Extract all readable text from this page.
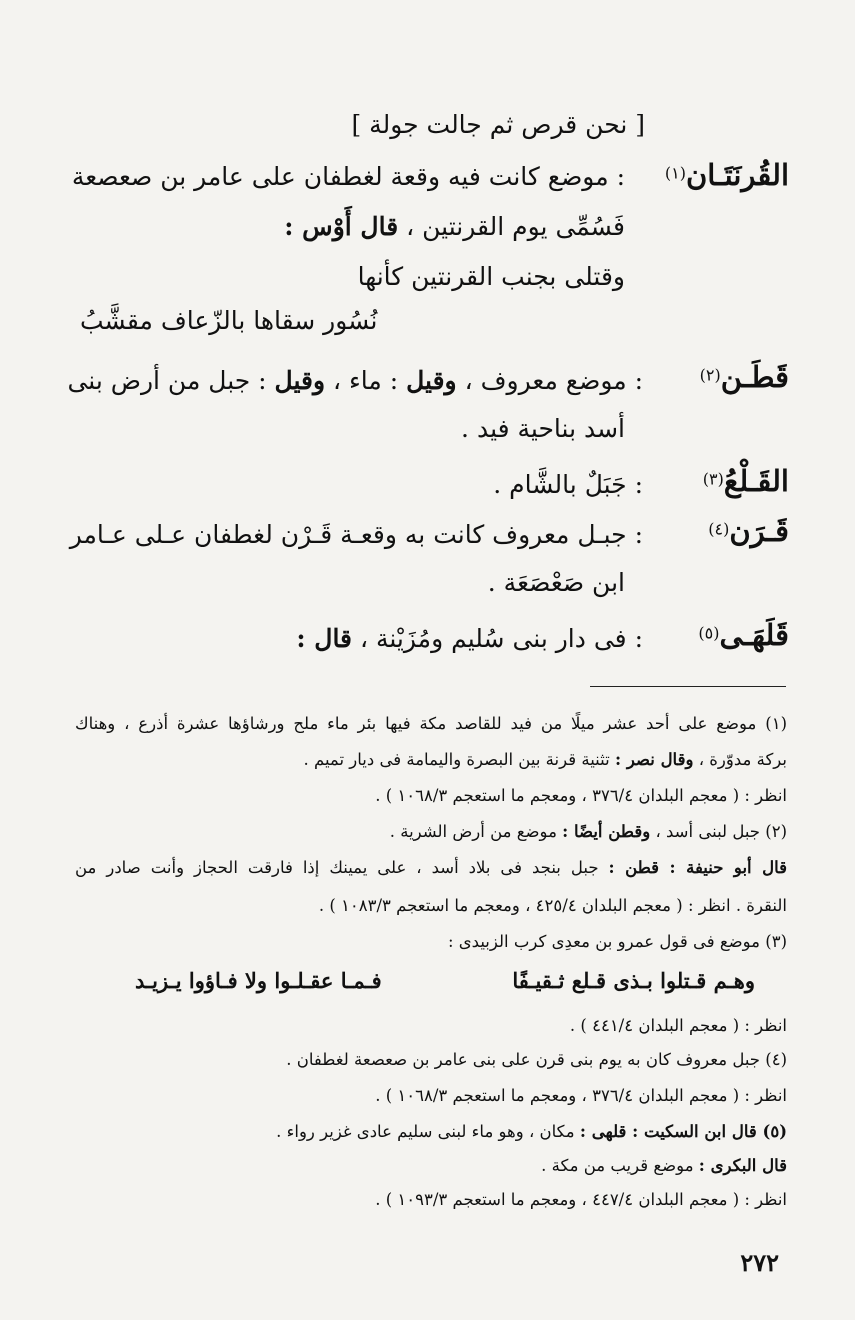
[ نحن قرص ثم جالت جولة ]
القُرنَتَـان(١)
: موضع كانت فيه وقعة لغطفان على عامر بن صعصعة
فَسُمِّى يوم القرنتين ، قال أَوْس :
وقتلى بجنب القرنتين كأنها
نُسُور سقاها بالزّعاف مقشَّبُ
قَطَـن(٢)
: موضع معروف ، وقيل : ماء ، وقيل : جبل من أرض بنى
أسد بناحية فيد .
القَـلْعُ(٣)
: جَبَلٌ بالشَّام .
قَـرَن(٤)
: جبـل معروف كانت به وقعـة قَـرْن لغطفان عـلى عـامر
ابن صَعْصَعَة .
قَلَهَـى(٥)
: فى دار بنى سُليم ومُزَيْنة ، قال :
(١) موضع على أحد عشر ميلًا من فيد للقاصد مكة فيها بئر ماء ملح ورشاؤها عشرة أذرع ، وهناك
بركة مدوّرة ، وقال نصر : تثنية قرنة بين البصرة واليمامة فى ديار تميم .
انظر : ( معجم البلدان ٣٧٦/٤ ، ومعجم ما استعجم ١٠٦٨/٣ ) .
(٢) جبل لبنى أسد ، وقطن أيضًا : موضع من أرض الشرية .
قال أبو حنيفة : قطن : جبل بنجد فى بلاد أسد ، على يمينك إذا فارقت الحجاز وأنت صادر من
النقرة . انظر : ( معجم البلدان ٤٢٥/٤ ، ومعجم ما استعجم ١٠٨٣/٣ ) .
(٣) موضع فى قول عمرو بن معدِى كرب الزبيدى :
وهـم قـتلوا بـذى قـلع ثـقيـفًا
فـمـا عقـلـوا ولا فـاؤوا يـزيـد
انظر : ( معجم البلدان ٤٤١/٤ ) .
(٤) جبل معروف كان به يوم بنى قرن على بنى عامر بن صعصعة لغطفان .
انظر : ( معجم البلدان ٣٧٦/٤ ، ومعجم ما استعجم ١٠٦٨/٣ ) .
(٥) قال ابن السكيت : قلهى : مكان ، وهو ماء لبنى سليم عادى غزير رواء .
قال البكرى : موضع قريب من مكة .
انظر : ( معجم البلدان ٤٤٧/٤ ، ومعجم ما استعجم ١٠٩٣/٣ ) .
٢٧٢
